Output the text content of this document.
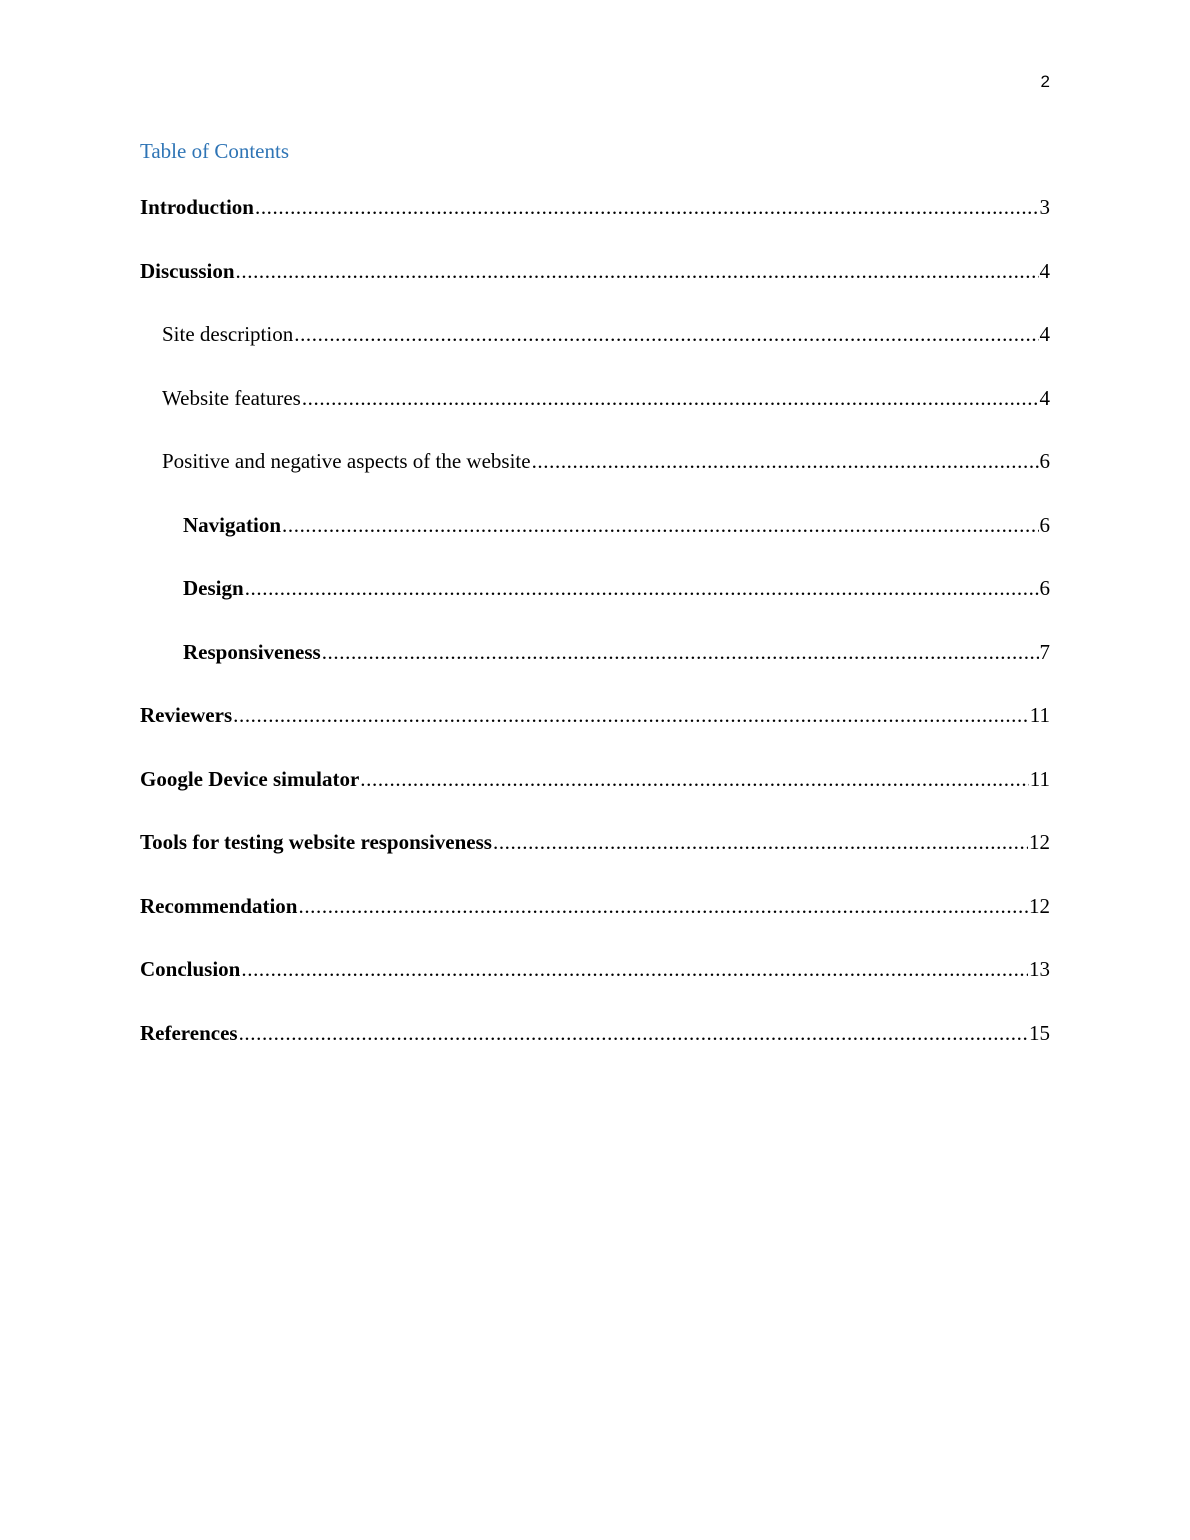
2
Table of Contents
Introduction .....	3
Discussion .....	4
Site description .....	4
Website features .....	4
Positive and negative aspects of the website .....	6
Navigation .....	6
Design .....	6
Responsiveness .....	7
Reviewers .....	11
Google Device simulator .....	11
Tools for testing website responsiveness .....	12
Recommendation .....	12
Conclusion .....	13
References .....	15
